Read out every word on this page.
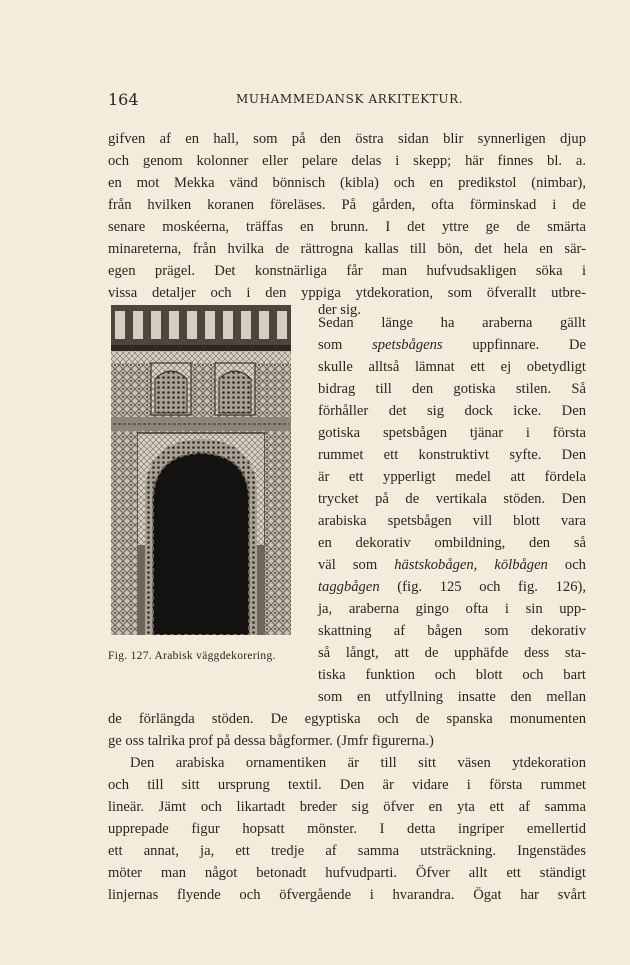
164	MUHAMMEDANSK ARKITEKTUR.
gifven af en hall, som på den östra sidan blir synnerligen djup
och genom kolonner eller pelare delas i skepp; här finnes bl. a.
en mot Mekka vänd bönnisch (kibla) och en predikstol (nimbar),
från hvilken koranen föreläses. På gården, ofta förminskad i de
senare moskéerna, träffas en brunn. I det yttre ge de smärta
minareterna, från hvilka de rättrogna kallas till bön, det hela en sär-
egen prägel. Det konstnärliga får man hufvudsakligen söka i
vissa detaljer och i den yppiga ytdekoration, som öfverallt utbre-
der sig.
Fig. 127. Arabisk väggdekorering.
Sedan länge ha araberna gällt
som spetsbågens uppfinnare. De
skulle alltså lämnat ett ej obetydligt
bidrag till den gotiska stilen. Så
förhåller det sig dock icke. Den
gotiska spetsbågen tjänar i första
rummet ett konstruktivt syfte. Den
är ett ypperligt medel att fördela
trycket på de vertikala stöden. Den
arabiska spetsbågen vill blott vara
en dekorativ ombildning, den så
väl som hästskobågen, kölbågen och
taggbågen (fig. 125 och fig. 126),
ja, araberna gingo ofta i sin upp-
skattning af bågen som dekorativ
så långt, att de upphäfde dess sta-
tiska funktion och blott och bart
som en utfyllning insatte den mellan
de förlängda stöden. De egyptiska och de spanska monumenten
ge oss talrika prof på dessa bågformer. (Jmfr figurerna.)
Den arabiska ornamentiken är till sitt väsen ytdekoration
och till sitt ursprung textil. Den är vidare i första rummet
lineär. Jämt och likartadt breder sig öfver en yta ett af samma
upprepade figur hopsatt mönster. I detta ingriper emellertid
ett annat, ja, ett tredje af samma utsträckning. Ingenstädes
möter man något betonadt hufvudparti. Öfver allt ett ständigt
linjernas flyende och öfvergående i hvarandra. Ögat har svårt
